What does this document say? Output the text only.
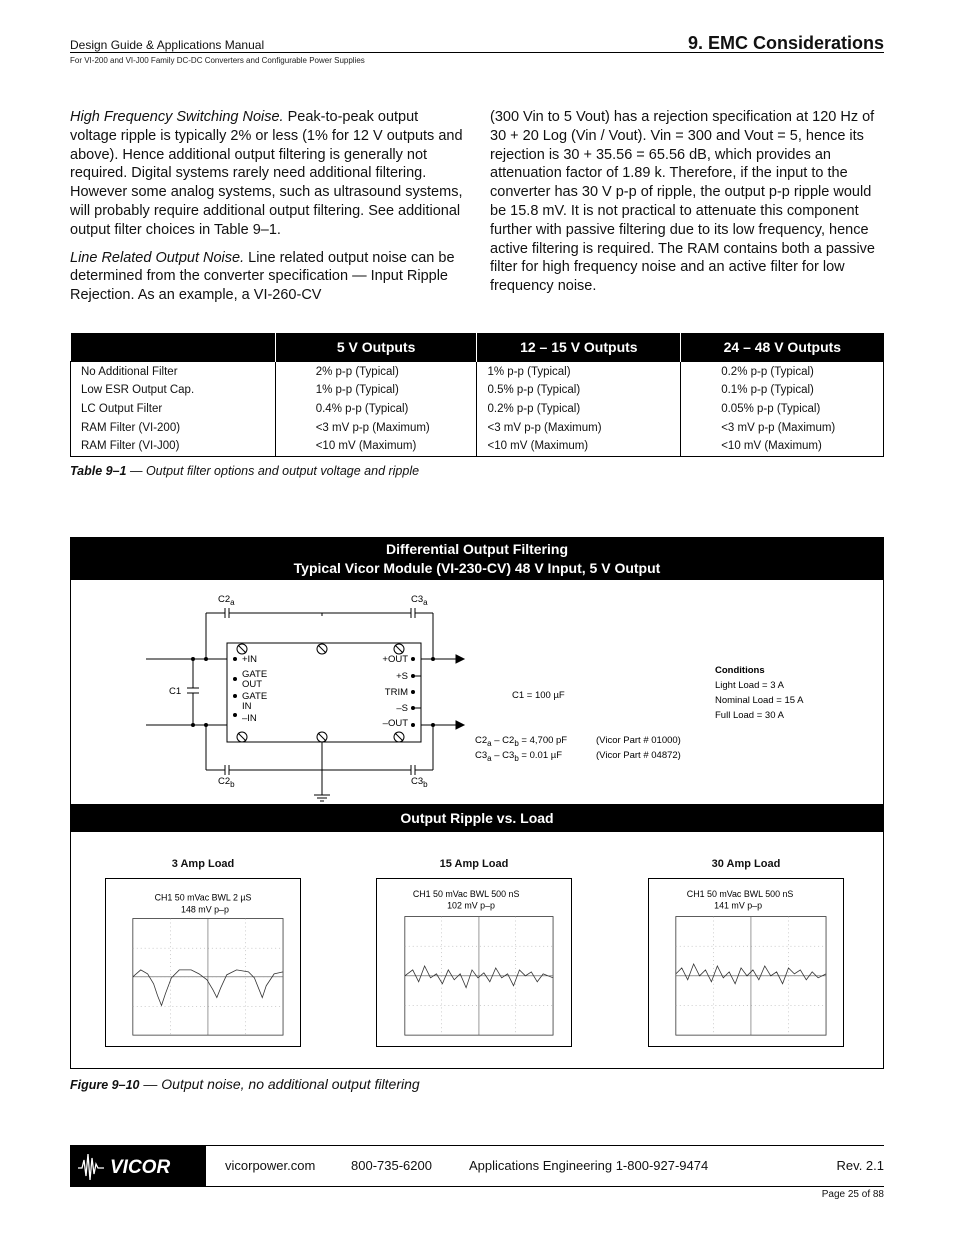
Design Guide & Applications Manual
For VI-200 and VI-J00 Family DC-DC Converters and Configurable Power Supplies
9. EMC Considerations

High Frequency Switching Noise. Peak-to-peak output voltage ripple is typically 2% or less (1% for 12 V outputs and above). Hence additional output filtering is generally not required. Digital systems rarely need additional filtering. However some analog systems, such as ultrasound systems, will probably require additional output filtering. See additional output filter choices in Table 9–1.

Line Related Output Noise. Line related output noise can be determined from the converter specification — Input Ripple Rejection. As an example, a VI-260-CV

(300 Vin to 5 Vout) has a rejection specification at 120 Hz of 30 + 20 Log (Vin / Vout). Vin = 300 and Vout = 5, hence its rejection is 30 + 35.56 = 65.56 dB, which provides an attenuation factor of 1.89 k. Therefore, if the input to the converter has 30 V p-p of ripple, the output p-p ripple would be 15.8 mV. It is not practical to attenuate this component further with passive filtering due to its low frequency, hence active filtering is required. The RAM contains both a passive filter for high frequency noise and an active filter for low frequency noise.

	5 V Outputs	12 – 15 V Outputs	24 – 48 V Outputs
No Additional Filter	2% p-p (Typical)	1% p-p (Typical)	0.2% p-p (Typical)
Low ESR Output Cap.	1% p-p (Typical)	0.5% p-p (Typical)	0.1% p-p (Typical)
LC Output Filter	0.4% p-p (Typical)	0.2% p-p (Typical)	0.05% p-p (Typical)
RAM Filter (VI-200)	<3 mV p-p (Maximum)	<3 mV p-p (Maximum)	<3 mV p-p (Maximum)
RAM Filter (VI-J00)	<10 mV (Maximum)	<10 mV (Maximum)	<10 mV (Maximum)
Table 9–1 — Output filter options and output voltage and ripple
Differential Output Filtering
Typical Vicor Module (VI-230-CV) 48 V Input, 5 V Output
$C2_a$	$C3_a$
$C2_b$	$C3_b$
C1
+IN
GATE
OUT
GATE
IN
–IN
+OUT
+S
TRIM
–S
–OUT
C1 = 100 µF
$C2_a - C2_b = 4,700$ pF	(Vicor Part # 01000)
$C3_a - C3_b = 0.01$ µF	(Vicor Part # 04872)
Conditions
Light Load = 3 A
Nominal Load = 15 A
Full Load = 30 A
Output Ripple vs. Load
3 Amp Load	15 Amp Load	30 Amp Load
CH1 50 mVac BWL 2 µS
148 mV p–p
CH1 50 mVac BWL 500 nS
102 mV p–p
CH1 50 mVac BWL 500 nS
141 mV p–p
Figure 9–10 — Output noise, no additional output filtering
VICOR	vicorpower.com	800-735-6200	Applications Engineering 1-800-927-9474	Rev. 2.1
Page 25 of 88
